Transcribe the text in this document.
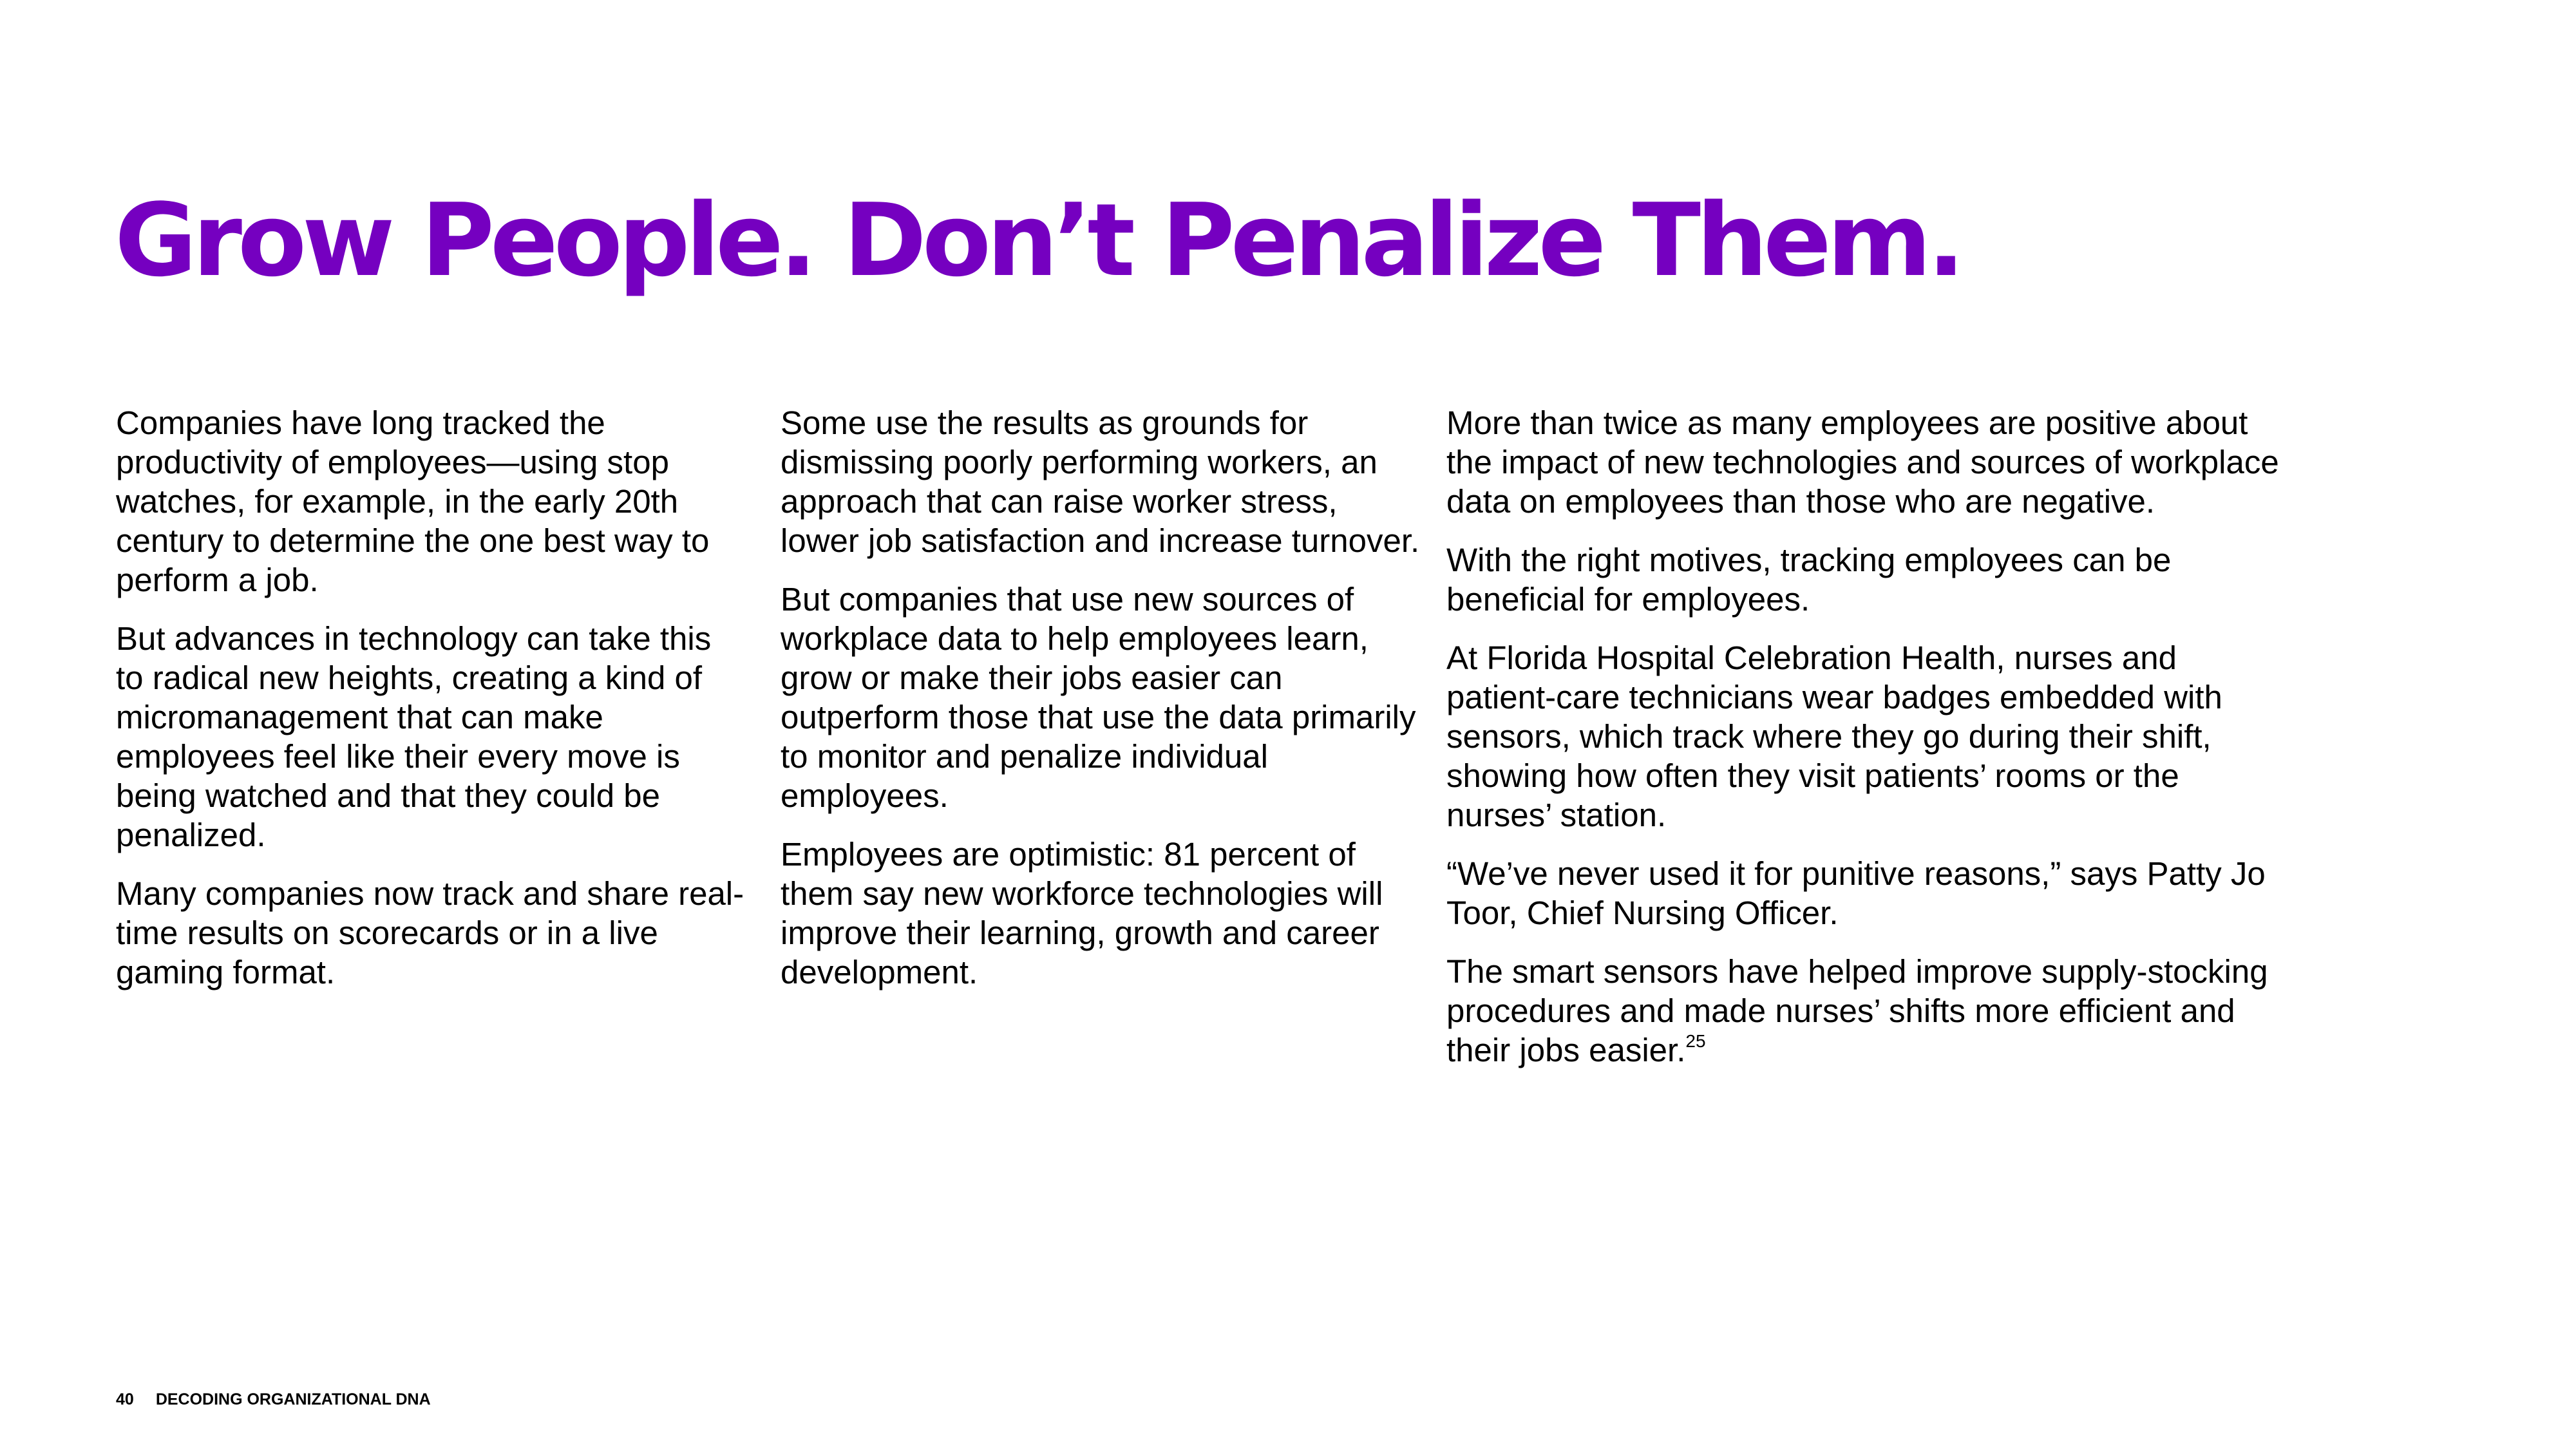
Grow People. Don’t Penalize Them.

Companies have long tracked the productivity of employees—using stop watches, for example, in the early 20th century to determine the one best way to perform a job.

But advances in technology can take this to radical new heights, creating a kind of micromanagement that can make employees feel like their every move is being watched and that they could be penalized.

Many companies now track and share real-time results on scorecards or in a live gaming format.

Some use the results as grounds for dismissing poorly performing workers, an approach that can raise worker stress, lower job satisfaction and increase turnover.

But companies that use new sources of workplace data to help employees learn, grow or make their jobs easier can outperform those that use the data primarily to monitor and penalize individual employees.

Employees are optimistic: 81 percent of them say new workforce technologies will improve their learning, growth and career development.

More than twice as many employees are positive about the impact of new technologies and sources of workplace data on employees than those who are negative.

With the right motives, tracking employees can be beneficial for employees.

At Florida Hospital Celebration Health, nurses and patient-care technicians wear badges embedded with sensors, which track where they go during their shift, showing how often they visit patients’ rooms or the nurses’ station.

“We’ve never used it for punitive reasons,” says Patty Jo Toor, Chief Nursing Officer.

The smart sensors have helped improve supply-stocking procedures and made nurses’ shifts more efficient and their jobs easier.$^{25}$

40 DECODING ORGANIZATIONAL DNA
